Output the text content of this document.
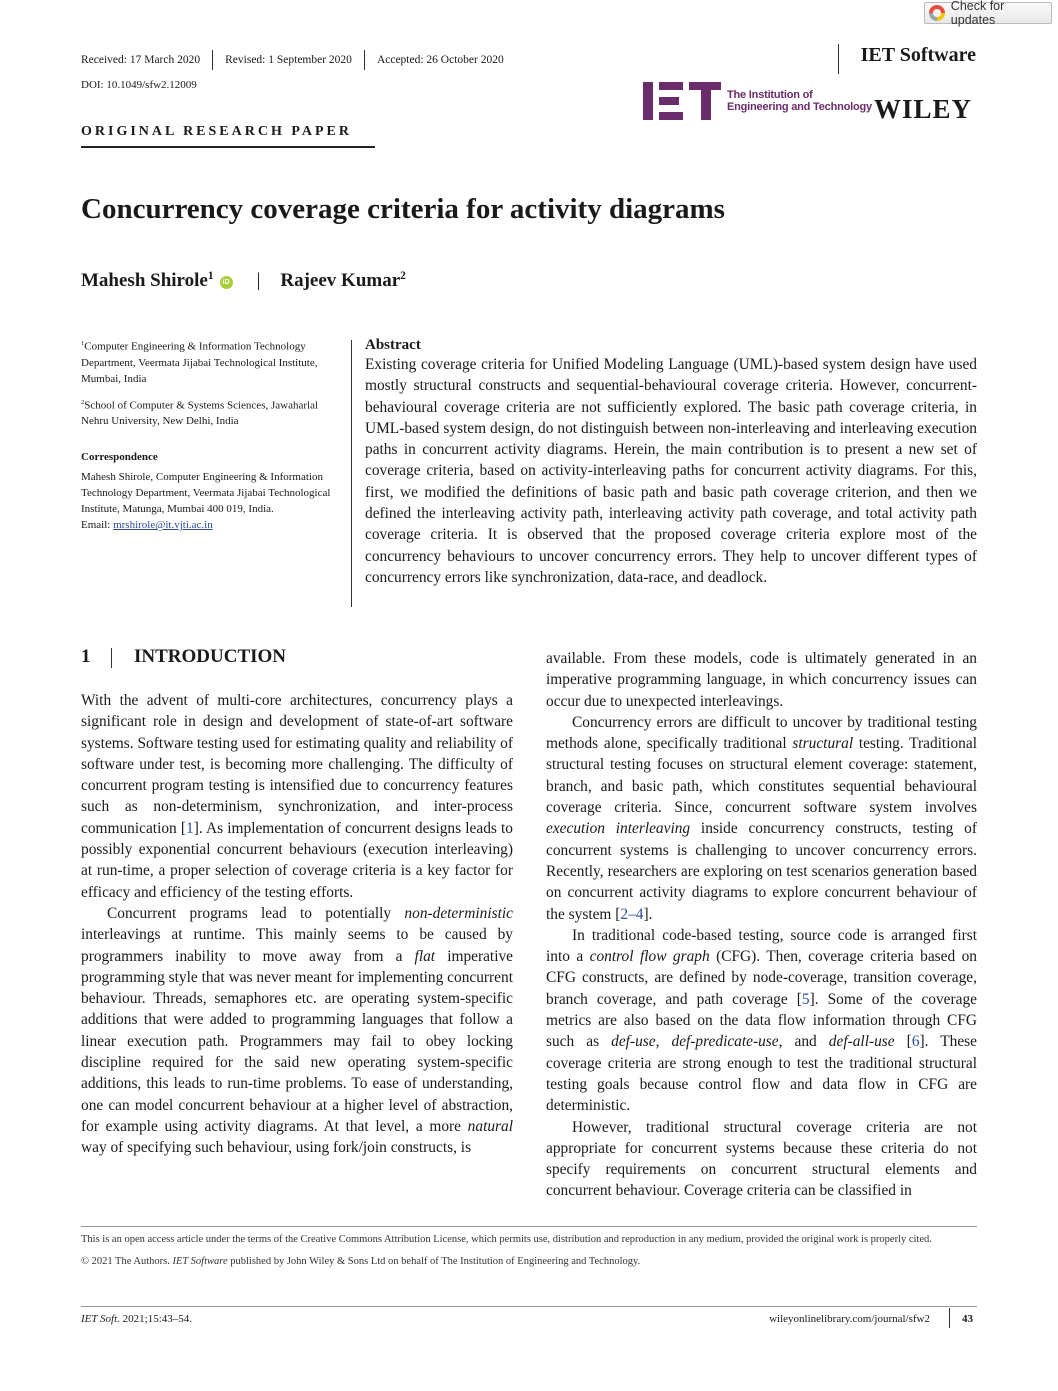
Check for updates
Received: 17 March 2020 Revised: 1 September 2020 Accepted: 26 October 2020	IET Software
DOI: 10.1049/sfw2.12009
The Institution of
Engineering and Technology WILEY
ORIGINAL RESEARCH PAPER
Concurrency coverage criteria for activity diagrams
Mahesh Shirole$^1$
iD | Rajeev Kumar$^2$

$^1$Computer Engineering & Information Technology Department, Veermata Jijabai Technological Institute, Mumbai, India

$^2$School of Computer & Systems Sciences, Jawaharlal Nehru University, New Delhi, India

Correspondence

Mahesh Shirole, Computer Engineering & Information Technology Department, Veermata Jijabai Technological Institute, Matunga, Mumbai 400 019, India.

Email: mrshirole@it.vjti.ac.in

Abstract

Existing coverage criteria for Unified Modeling Language (UML)-based system design have used mostly structural constructs and sequential-behavioural coverage criteria. However, concurrent-behavioural coverage criteria are not sufficiently explored. The basic path coverage criteria, in UML-based system design, do not distinguish between non-interleaving and interleaving execution paths in concurrent activity diagrams. Herein, the main contribution is to present a new set of coverage criteria, based on activity-interleaving paths for concurrent activity diagrams. For this, first, we modified the definitions of basic path and basic path coverage criterion, and then we defined the interleaving activity path, interleaving activity path coverage, and total activity path coverage criteria. It is observed that the proposed coverage criteria explore most of the concurrency behaviours to uncover concurrency errors. They help to uncover different types of concurrency errors like synchronization, data-race, and deadlock.

1	INTRODUCTION

With the advent of multi-core architectures, concurrency plays a significant role in design and development of state-of-art software systems. Software testing used for estimating quality and reliability of software under test, is becoming more challenging. The difficulty of concurrent program testing is intensified due to concurrency features such as non-determinism, synchronization, and inter-process communication [1]. As implementation of concurrent designs leads to possibly exponential concurrent behaviours (execution interleaving) at run-time, a proper selection of coverage criteria is a key factor for efficacy and efficiency of the testing efforts.

Concurrent programs lead to potentially non-deterministic interleavings at runtime. This mainly seems to be caused by programmers inability to move away from a flat imperative programming style that was never meant for implementing concurrent behaviour. Threads, semaphores etc. are operating system-specific additions that were added to programming languages that follow a linear execution path. Programmers may fail to obey locking discipline required for the said new operating system-specific additions, this leads to run-time problems. To ease of understanding, one can model concurrent behaviour at a higher level of abstraction, for example using activity diagrams. At that level, a more natural way of specifying such behaviour, using fork/join constructs, is

available. From these models, code is ultimately generated in an imperative programming language, in which concurrency issues can occur due to unexpected interleavings.

Concurrency errors are difficult to uncover by traditional testing methods alone, specifically traditional structural testing. Traditional structural testing focuses on structural element coverage: statement, branch, and basic path, which constitutes sequential behavioural coverage criteria. Since, concurrent software system involves execution interleaving inside concurrency constructs, testing of concurrent systems is challenging to uncover concurrency errors. Recently, researchers are exploring on test scenarios generation based on concurrent activity diagrams to explore concurrent behaviour of the system [2–4].

In traditional code-based testing, source code is arranged first into a control flow graph (CFG). Then, coverage criteria based on CFG constructs, are defined by node-coverage, transition coverage, branch coverage, and path coverage [5]. Some of the coverage metrics are also based on the data flow information through CFG such as def-use, def-predicate-use, and def-all-use [6]. These coverage criteria are strong enough to test the traditional structural testing goals because control flow and data flow in CFG are deterministic.

However, traditional structural coverage criteria are not appropriate for concurrent systems because these criteria do not specify requirements on concurrent structural elements and concurrent behaviour. Coverage criteria can be classified in

This is an open access article under the terms of the Creative Commons Attribution License, which permits use, distribution and reproduction in any medium, provided the original work is properly cited.

© 2021 The Authors. IET Software published by John Wiley & Sons Ltd on behalf of The Institution of Engineering and Technology.

IET Soft. 2021;15:43–54.	wileyonlinelibrary.com/journal/sfw2	43
